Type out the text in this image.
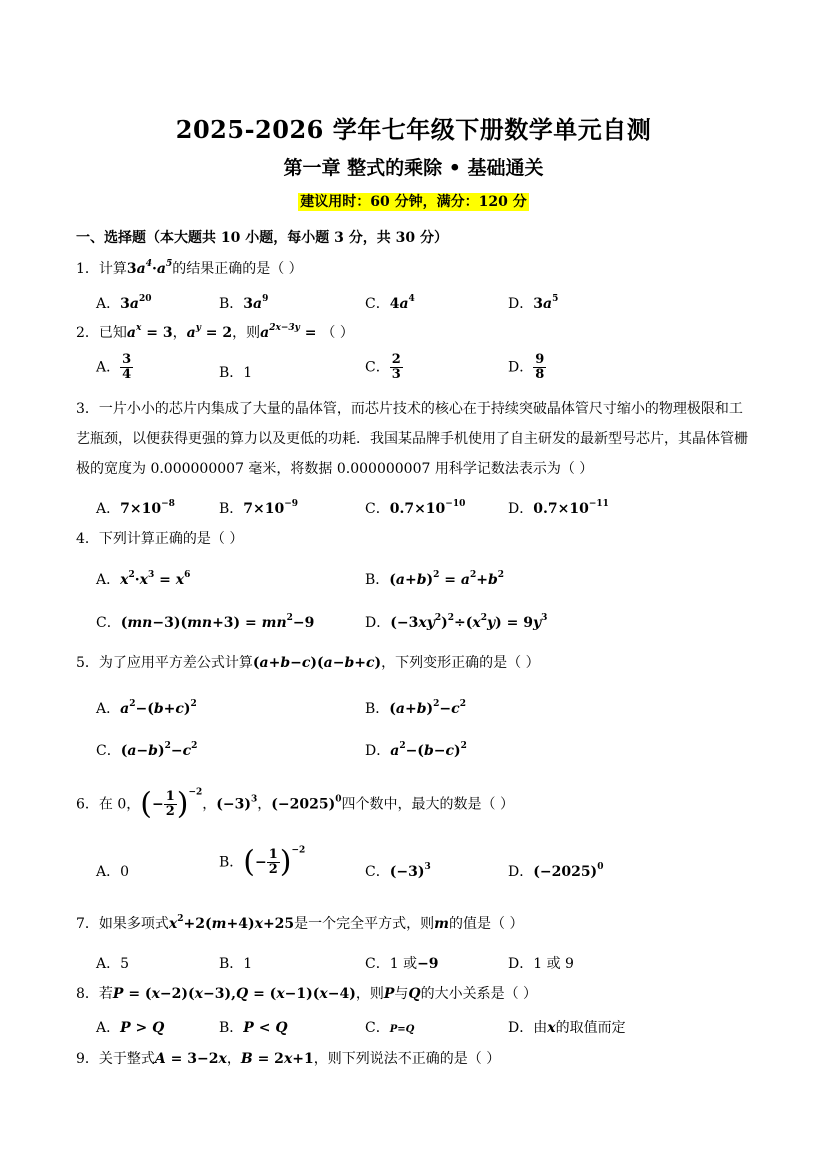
2025-2026 学年七年级下册数学单元自测
第一章 整式的乘除 • 基础通关
建议用时：60 分钟，满分：120 分
一、选择题（本大题共 10 小题，每小题 3 分，共 30 分）
1．计算$3a^4\cdot a^5$的结果正确的是（ ）
A．$3a^{20}$	B．$3a^9$	C．$4a^4$	D．$3a^5$
2．已知$a^x = 3$，$a^y = 2$，则$a^{2x-3y}$ = （ ）
A． $\frac{3}{4}$	B．1	C． $\frac{2}{3}$	D． $\frac{9}{8}$
3．一片小小的芯片内集成了大量的晶体管，而芯片技术的核心在于持续突破晶体管尺寸缩小的物理极限和工艺瓶颈，以便获得更强的算力以及更低的功耗．我国某品牌手机使用了自主研发的最新型号芯片，其晶体管栅极的宽度为 0.000000007 毫米，将数据 0.000000007 用科学记数法表示为（ ）
A．$7\times 10^{-8}$	B．$7\times 10^{-9}$	C．$0.7\times 10^{-10}$	D．$0.7\times 10^{-11}$
4．下列计算正确的是（ ）
A．$x^2\cdot x^3 = x^6$	B．$(a+b)^2 = a^2+b^2$
C．$(mn-3)(mn+3) = mn^2-9$	D．$(-3xy^2)^2\div(x^2y) = 9y^3$
5．为了应用平方差公式计算(a+b−c)(a−b+c)，下列变形正确的是（ ）
A．$a^2-(b+c)^2$	B．$(a+b)^2-c^2$
C．$(a-b)^2-c^2$	D．$a^2-(b-c)^2$
6．在 0，(− $\frac{1}{2} )^{-2}$，$(-3)^3$，$(-2025)^0$四个数中，最大的数是（ ）
A．0
B．(− $\frac{1}{2} )^{-2}$
C．$(-3)^3$	D．$(-2025)^0$
7．如果多项式$x^2+2(m+4)x+25$是一个完全平方式，则m的值是（ ）
A．5	B．1	C．1 或−9	D．1 或 9
8．若P = (x−2)(x−3),Q = (x−1)(x−4)，则P与Q的大小关系是（ ）
A．P > Q	B．P < Q	C．P=Q	D．由x的取值而定
9．关于整式A = 3−2x，B = 2x+1，则下列说法不正确的是（ ）
